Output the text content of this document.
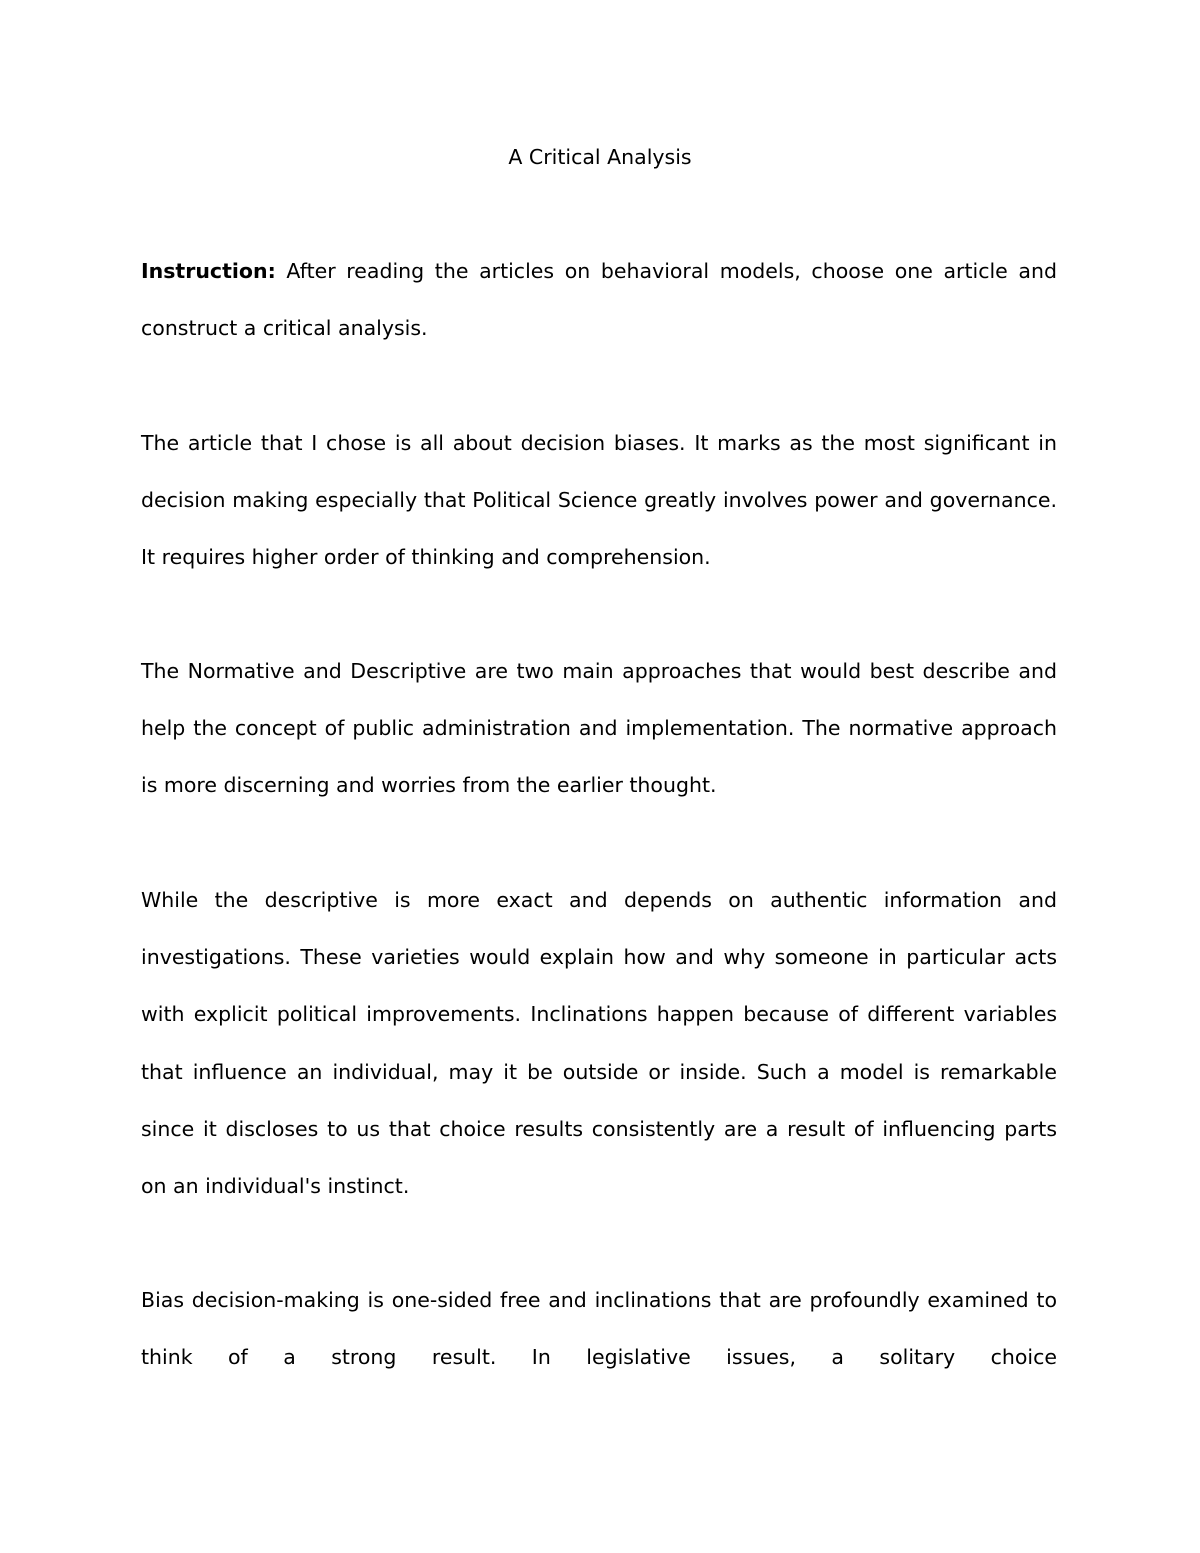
A Critical Analysis

Instruction: After reading the articles on behavioral models, choose one article and construct a critical analysis.

The article that I chose is all about decision biases. It marks as the most significant in decision making especially that Political Science greatly involves power and governance. It requires higher order of thinking and comprehension.

The Normative and Descriptive are two main approaches that would best describe and help the concept of public administration and implementation. The normative approach is more discerning and worries from the earlier thought.

While the descriptive is more exact and depends on authentic information and investigations. These varieties would explain how and why someone in particular acts with explicit political improvements. Inclinations happen because of different variables that influence an individual, may it be outside or inside. Such a model is remarkable since it discloses to us that choice results consistently are a result of influencing parts on an individual's instinct.

Bias decision-making is one-sided free and inclinations that are profoundly examined to think of a strong result. In legislative issues, a solitary choice
